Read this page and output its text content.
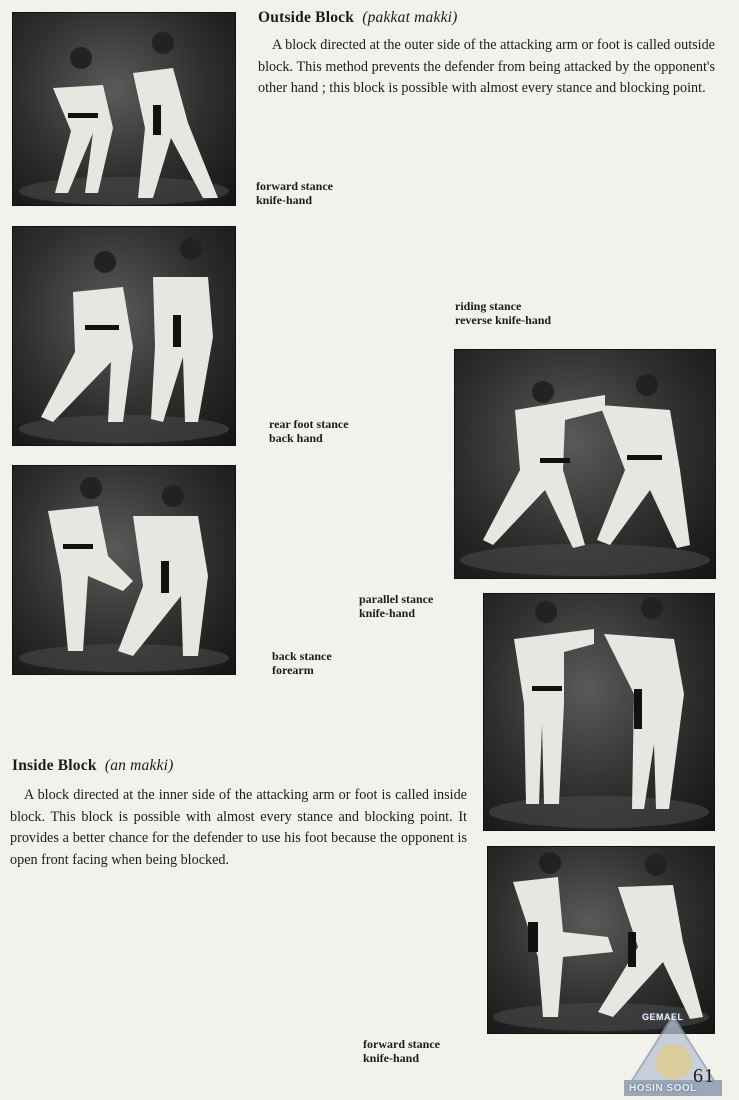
Outside Block (pakkat makki)

A block directed at the outer side of the attacking arm or foot is called outside block. This method prevents the defender from being attacked by the opponent's other hand ; this block is possible with almost every stance and blocking point.

forward stance
knife-hand
rear foot stance
back hand
back stance
forearm
riding stance
reverse knife-hand
parallel stance
knife-hand
forward stance
knife-hand
Inside Block (an makki)

A block directed at the inner side of the attacking arm or foot is called inside block. This block is possible with almost every stance and blocking point. It provides a better chance for the defender to use his foot because the opponent is open front facing when being blocked.

GEMAEL
HOSIN SOOL
61
